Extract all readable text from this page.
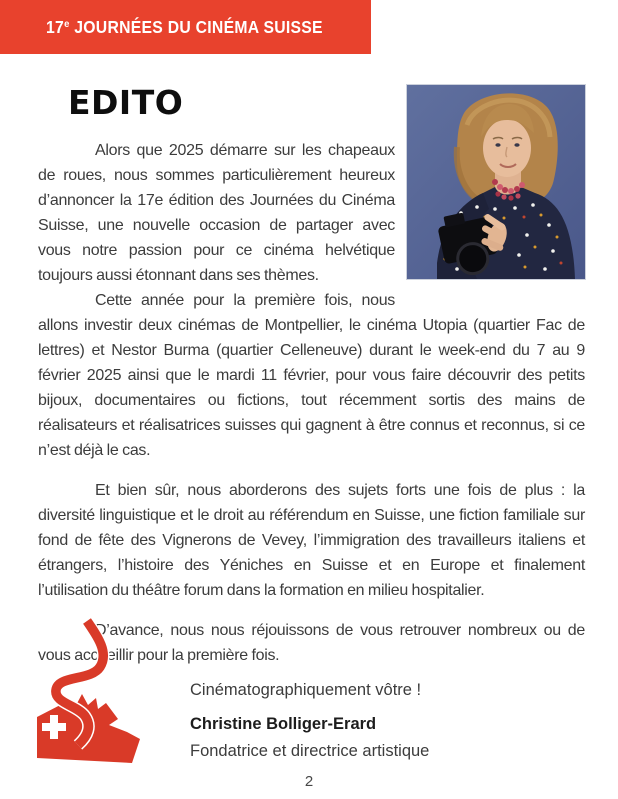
17e JOURNÉES DU CINÉMA SUISSE
EDITO

Alors que 2025 démarre sur les chapeaux de roues, nous sommes particulièrement heureux d’annoncer la 17e édition des Journées du Cinéma Suisse, une nouvelle occasion de partager avec vous notre passion pour ce cinéma helvétique toujours aussi étonnant dans ses thèmes.

Cette année pour la première fois, nous allons investir deux cinémas de Montpellier, le cinéma Utopia (quartier Fac de lettres) et Nestor Burma (quartier Celleneuve) durant le week-end du 7 au 9 février 2025 ainsi que le mardi 11 février, pour vous faire découvrir des petits bijoux, documentaires ou fictions, tout récemment sortis des mains de réalisateurs et réalisatrices suisses qui gagnent à être connus et reconnus, si ce n’est déjà le cas.

Et bien sûr, nous aborderons des sujets forts une fois de plus : la diversité linguistique et le droit au référendum en Suisse, une fiction familiale sur fond de fête des Vignerons de Vevey, l’immigration des travailleurs italiens et étrangers, l’histoire des Yéniches en Suisse et en Europe et finalement l’utilisation du théâtre forum dans la formation en milieu hospitalier.

D’avance, nous nous réjouissons de vous retrouver nombreux ou de vous accueillir pour la première fois.

Cinématographiquement vôtre !
Christine Bolliger-Erard
Fondatrice et directrice artistique
2
